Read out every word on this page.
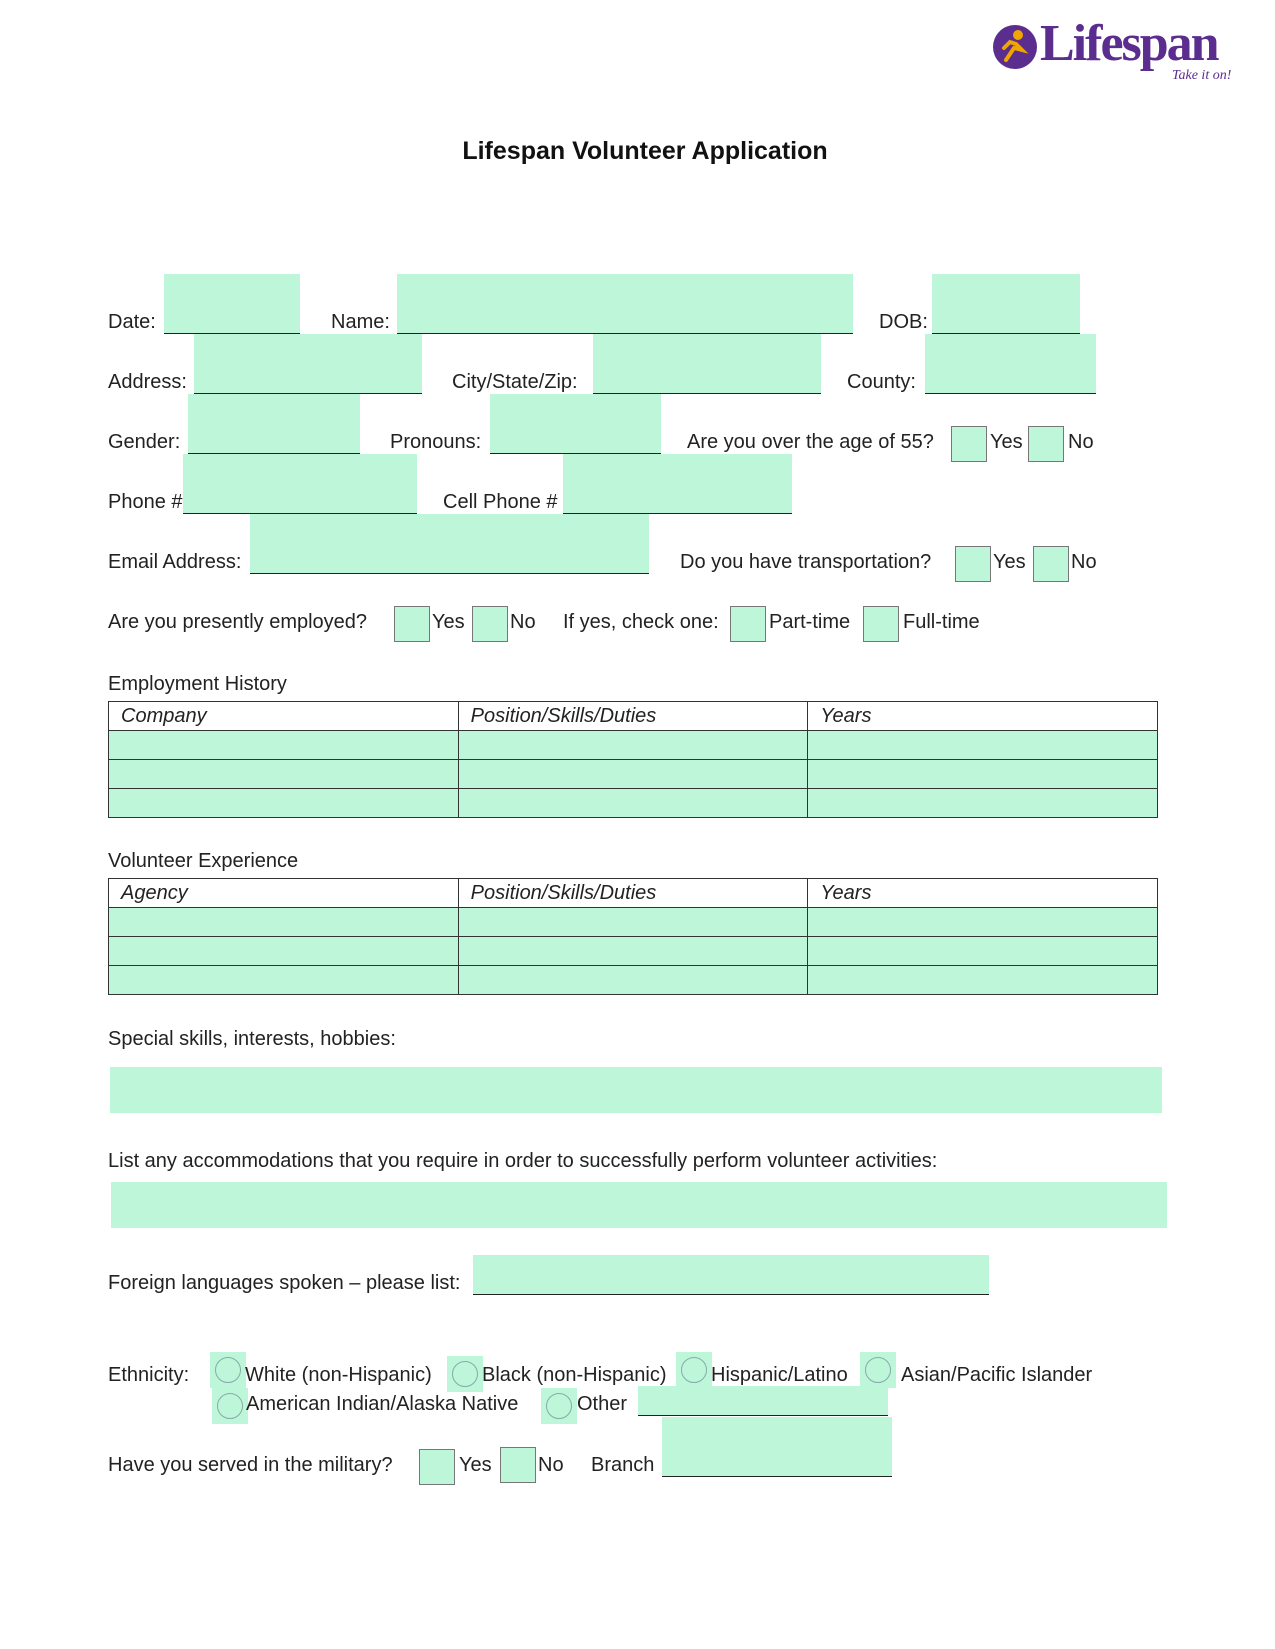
Lifespan
Take it on!
Lifespan Volunteer Application
Date:	Name:	DOB:
Address:	City/State/Zip:	County:
Gender:	Pronouns:	Are you over the age of 55?	Yes No
Phone #	Cell Phone #
Email Address:	Do you have transportation?	Yes No
Are you presently employed?	Yes No If yes, check one:	Part-time	Full-time
Employment History
Company	Position/Skills/Duties	Years

Volunteer Experience
Agency	Position/Skills/Duties	Years

Special skills, interests, hobbies:
List any accommodations that you require in order to successfully perform volunteer activities:
Foreign languages spoken – please list:
Ethnicity:	White (non-Hispanic)	Black (non-Hispanic) Hispanic/Latino	Asian/Pacific Islander
American Indian/Alaska Native	Other
Have you served in the military?	Yes No Branch
